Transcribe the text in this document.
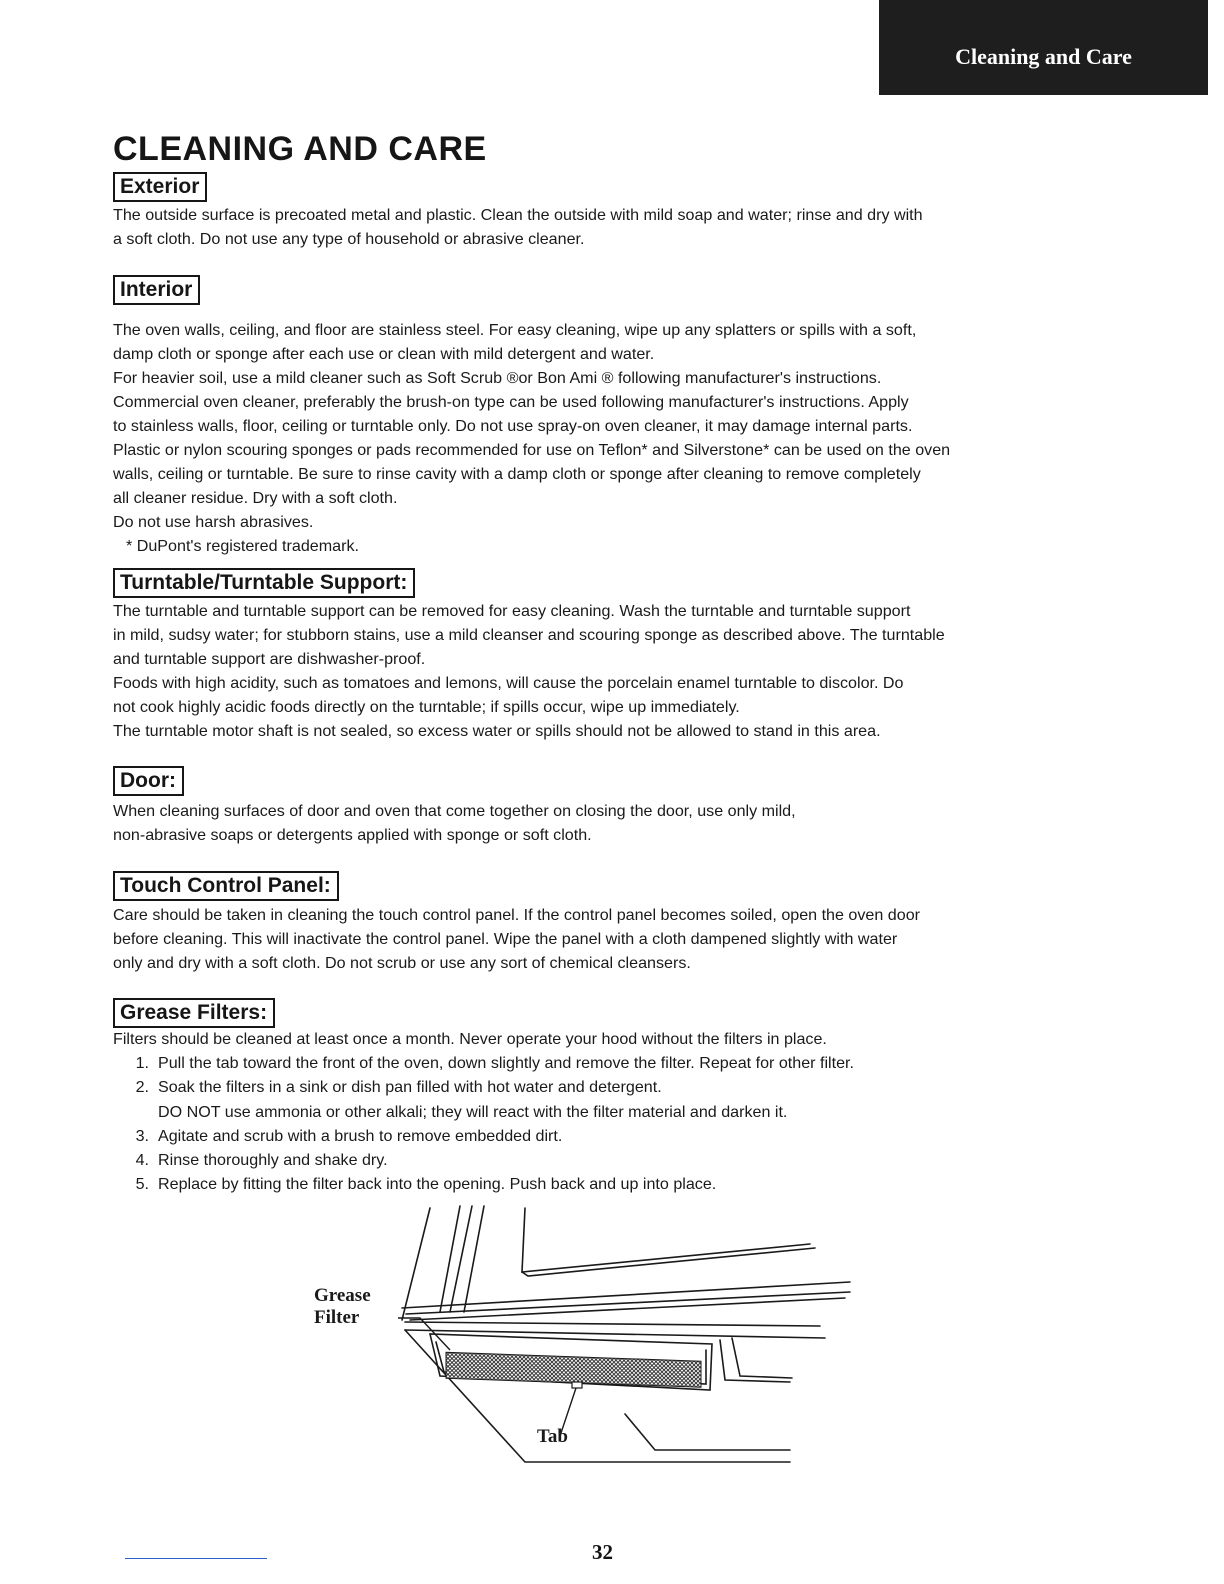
Cleaning and Care
CLEANING AND CARE
Exterior

The outside surface is precoated metal and plastic. Clean the outside with mild soap and water; rinse and dry with

a soft cloth. Do not use any type of household or abrasive cleaner.

Interior

The oven walls, ceiling, and floor are stainless steel. For easy cleaning, wipe up any splatters or spills with a soft,

damp cloth or sponge after each use or clean with mild detergent and water.

For heavier soil, use a mild cleaner such as Soft Scrub ®or Bon Ami ® following manufacturer's instructions.

Commercial oven cleaner, preferably the brush-on type can be used following manufacturer's instructions. Apply

to stainless walls, floor, ceiling or turntable only. Do not use spray-on oven cleaner, it may damage internal parts.

Plastic or nylon scouring sponges or pads recommended for use on Teflon* and Silverstone* can be used on the oven

walls, ceiling or turntable. Be sure to rinse cavity with a damp cloth or sponge after cleaning to remove completely

all cleaner residue. Dry with a soft cloth.

Do not use harsh abrasives.

* DuPont's registered trademark.

Turntable/Turntable Support:

The turntable and turntable support can be removed for easy cleaning. Wash the turntable and turntable support

in mild, sudsy water; for stubborn stains, use a mild cleanser and scouring sponge as described above. The turntable

and turntable support are dishwasher-proof.

Foods with high acidity, such as tomatoes and lemons, will cause the porcelain enamel turntable to discolor. Do

not cook highly acidic foods directly on the turntable; if spills occur, wipe up immediately.

The turntable motor shaft is not sealed, so excess water or spills should not be allowed to stand in this area.

Door:

When cleaning surfaces of door and oven that come together on closing the door, use only mild,

non-abrasive soaps or detergents applied with sponge or soft cloth.

Touch Control Panel:

Care should be taken in cleaning the touch control panel. If the control panel becomes soiled, open the oven door

before cleaning. This will inactivate the control panel. Wipe the panel with a cloth dampened slightly with water

only and dry with a soft cloth. Do not scrub or use any sort of chemical cleansers.

Grease Filters:
Filters should be cleaned at least once a month. Never operate your hood without the filters in place.
1. Pull the tab toward the front of the oven, down slightly and remove the filter. Repeat for other filter.
2. Soak the filters in a sink or dish pan filled with hot water and detergent.
DO NOT use ammonia or other alkali; they will react with the filter material and darken it.
3. Agitate and scrub with a brush to remove embedded dirt.
4. Rinse thoroughly and shake dry.
5. Replace by fitting the filter back into the opening. Push back and up into place.
Grease
Filter
Tab
32
